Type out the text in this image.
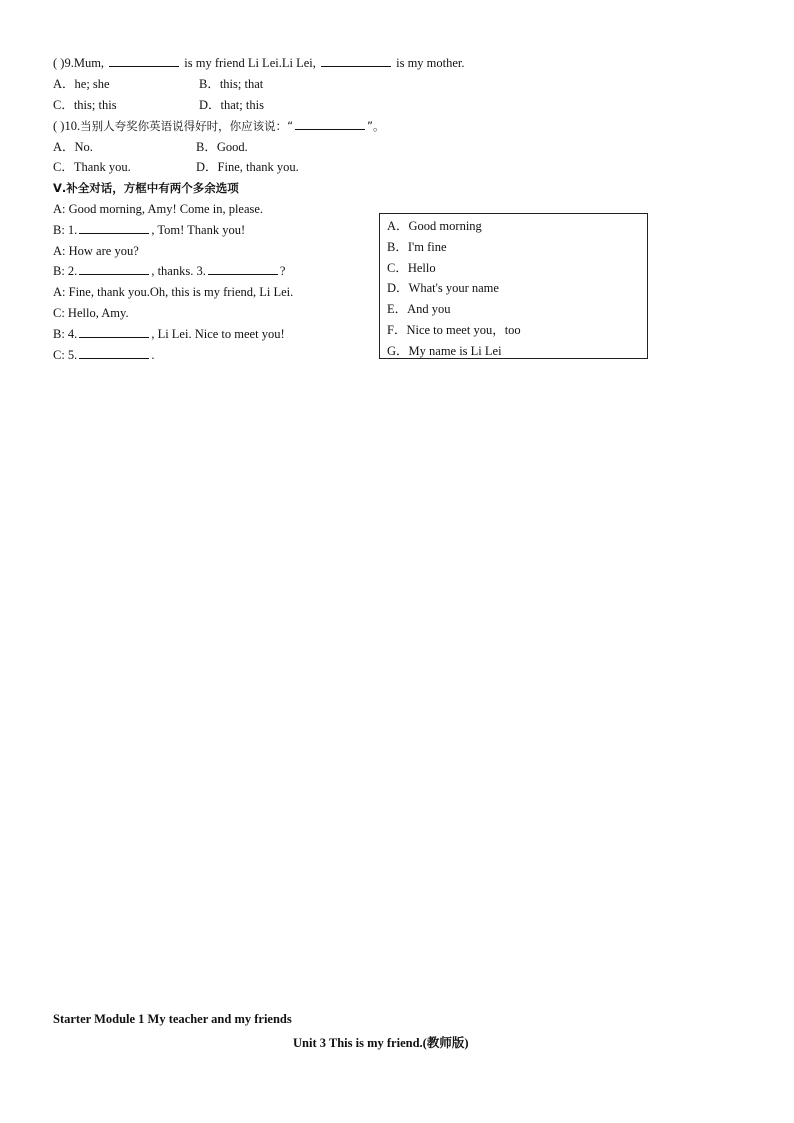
( )9.Mum,	is my friend Li Lei.Li Lei,	is my mother.
A．he; she	B．this; that
C．this; this	D．that; this
( )10.当别人夸奖你英语说得好时，你应该说：“	”。
A．No.	B．Good.
C．Thank you.	D．Fine, thank you.
Ⅴ.补全对话，方框中有两个多余选项
A: Good morning, Amy! Come in, please.
B: 1.	, Tom! Thank you!
A: How are you?
B: 2.	, thanks. 3.	?
A: Fine, thank you.Oh, this is my friend, Li Lei.
C: Hello, Amy.
B: 4.	, Li Lei. Nice to meet you!
C: 5.	.
A．Good morning
B．I'm fine
C．Hello
D．What's your name
E．And you
F．Nice to meet you，too
G．My name is Li Lei
Starter Module 1 My teacher and my friends
Unit 3 This is my friend.(教师版)
